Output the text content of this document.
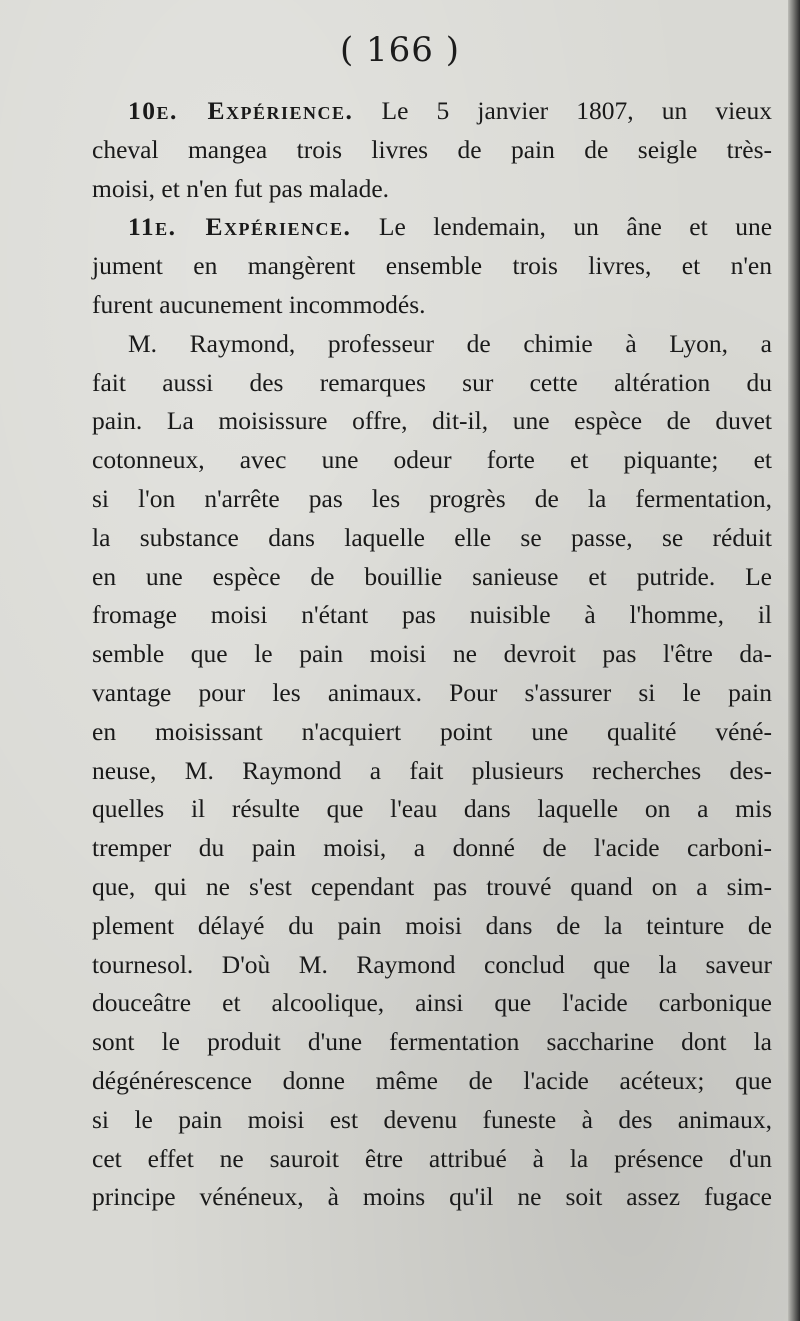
( 166 )
10e. Expérience. Le 5 janvier 1807, un vieux
cheval mangea trois livres de pain de seigle très-
moisi, et n'en fut pas malade.
11e. Expérience. Le lendemain, un âne et une
jument en mangèrent ensemble trois livres, et n'en
furent aucunement incommodés.
M. Raymond, professeur de chimie à Lyon, a
fait aussi des remarques sur cette altération du
pain. La moisissure offre, dit-il, une espèce de duvet
cotonneux, avec une odeur forte et piquante; et
si l'on n'arrête pas les progrès de la fermentation,
la substance dans laquelle elle se passe, se réduit
en une espèce de bouillie sanieuse et putride. Le
fromage moisi n'étant pas nuisible à l'homme, il
semble que le pain moisi ne devroit pas l'être da-
vantage pour les animaux. Pour s'assurer si le pain
en moisissant n'acquiert point une qualité véné-
neuse, M. Raymond a fait plusieurs recherches des-
quelles il résulte que l'eau dans laquelle on a mis
tremper du pain moisi, a donné de l'acide carboni-
que, qui ne s'est cependant pas trouvé quand on a sim-
plement délayé du pain moisi dans de la teinture de
tournesol. D'où M. Raymond conclud que la saveur
douceâtre et alcoolique, ainsi que l'acide carbonique
sont le produit d'une fermentation saccharine dont la
dégénérescence donne même de l'acide acéteux; que
si le pain moisi est devenu funeste à des animaux,
cet effet ne sauroit être attribué à la présence d'un
principe vénéneux, à moins qu'il ne soit assez fugace
